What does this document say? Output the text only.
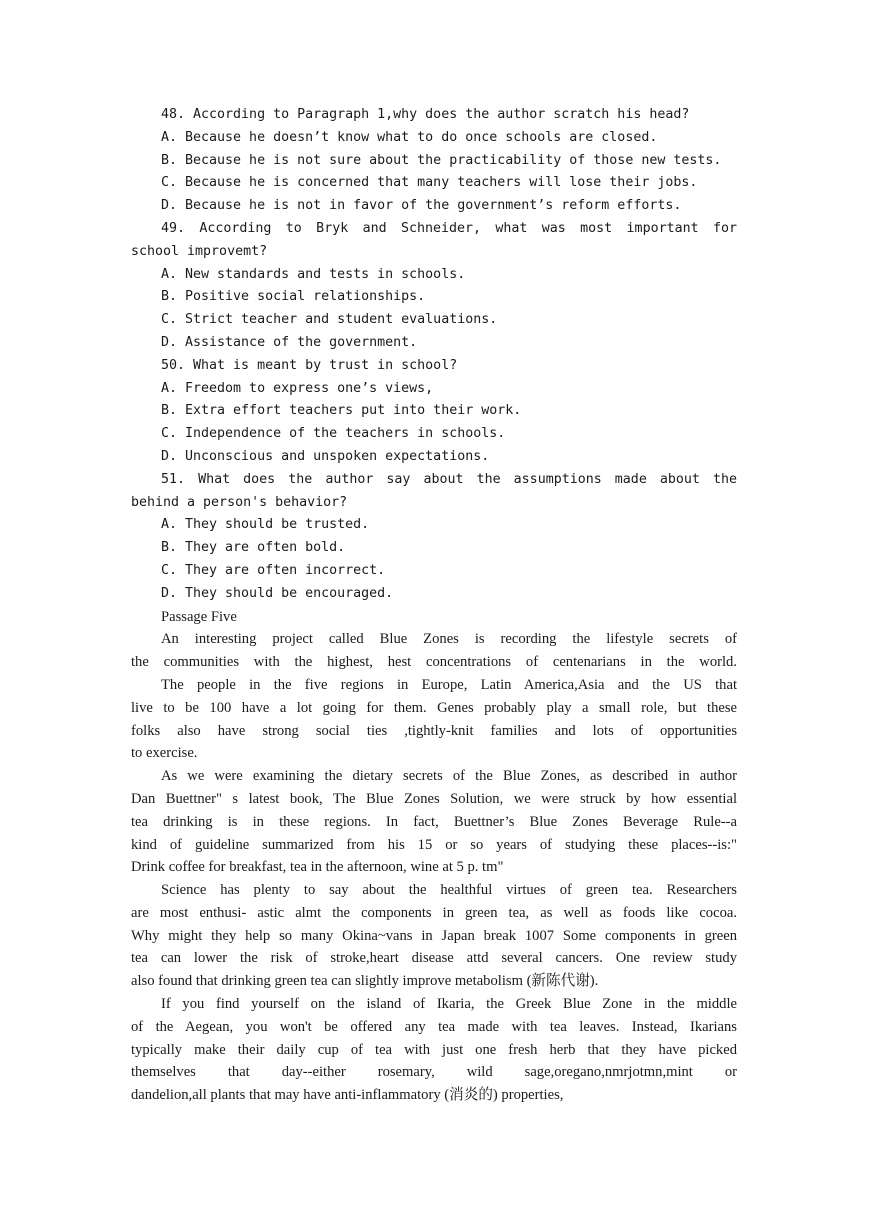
48. According to Paragraph 1,why does the author scratch his head?
A. Because he doesn’t know what to do once schools are closed.
B. Because he is not sure about the practicability of those new tests.
C. Because he is concerned that many teachers will lose their jobs.
D. Because he is not in favor of the government’s reform efforts.
49. According to Bryk and Schneider, what was most important for
school improvemt?
A. New standards and tests in schools.
B. Positive social relationships.
C. Strict teacher and student evaluations.
D. Assistance of the government.
50. What is meant by trust in school?
A. Freedom to express one’s views,
B. Extra effort teachers put into their work.
C. Independence of the teachers in schools.
D. Unconscious and unspoken expectations.
51. What does the author say about the assumptions made about the
behind a person's behavior?
A. They should be trusted.
B. They are often bold.
C. They are often incorrect.
D. They should be encouraged.
Passage Five
An interesting project called Blue Zones is recording the lifestyle secrets of
the communities with the highest, hest concentrations of centenarians in the world.
The people in the five regions in Europe, Latin America,Asia and the US that
live to be 100 have a lot going for them. Genes probably play a small role, but these
folks also have strong social ties ,tightly-knit families and lots of opportunities
to exercise.
As we were examining the dietary secrets of the Blue Zones, as described in author
Dan Buettner" s latest book, The Blue Zones Solution, we were struck by how essential
tea drinking is in these regions. In fact, Buettner’s Blue Zones Beverage Rule--a
kind of guideline summarized from his 15 or so years of studying these places--is:"
Drink coffee for breakfast, tea in the afternoon, wine at 5 p. tm"
Science has plenty to say about the healthful virtues of green tea. Researchers
are most enthusi- astic almt the components in green tea, as well as foods like cocoa.
Why might they help so many Okina~vans in Japan break 1007 Some components in green
tea can lower the risk of stroke,heart disease attd several cancers. One review study
also found that drinking green tea can slightly improve metabolism (新陈代谢).
If you find yourself on the island of Ikaria, the Greek Blue Zone in the middle
of the Aegean, you won't be offered any tea made with tea leaves. Instead, Ikarians
typically make their daily cup of tea with just one fresh herb that they have picked
themselves that day--either rosemary, wild sage,oregano,nmrjotmn,mint or
dandelion,all plants that may have anti-inflammatory (消炎的) properties,
